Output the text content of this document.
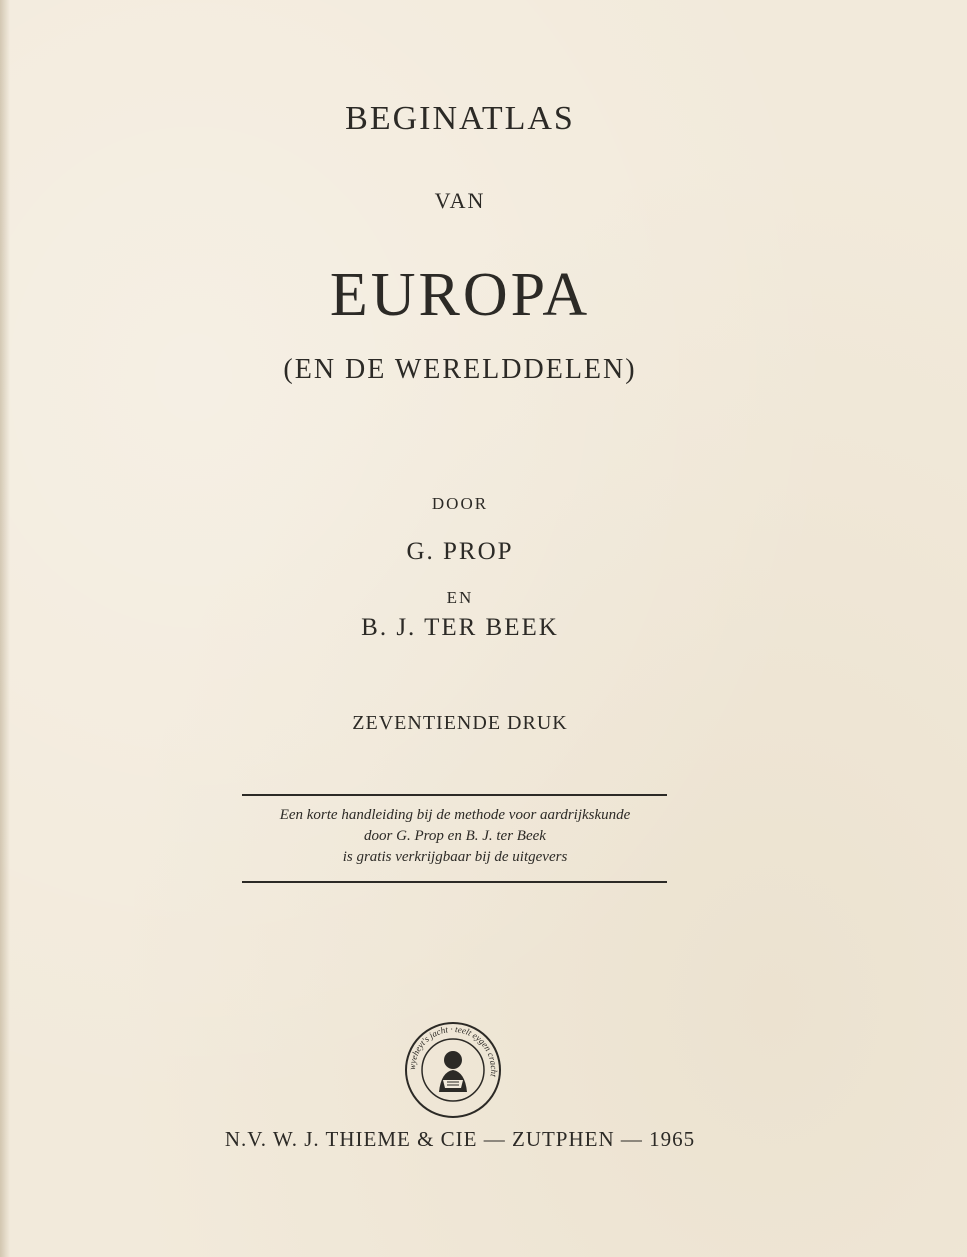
BEGINATLAS
VAN
EUROPA
(EN DE WERELDDELEN)
DOOR
G. PROP
EN
B. J. TER BEEK
ZEVENTIENDE DRUK
Een korte handleiding bij de methode voor aardrijkskunde
door G. Prop en B. J. ter Beek
is gratis verkrijgbaar bij de uitgevers
wyeheyt's jacht · teelt eygen cracht
N.V. W. J. THIEME & CIE — ZUTPHEN — 1965
